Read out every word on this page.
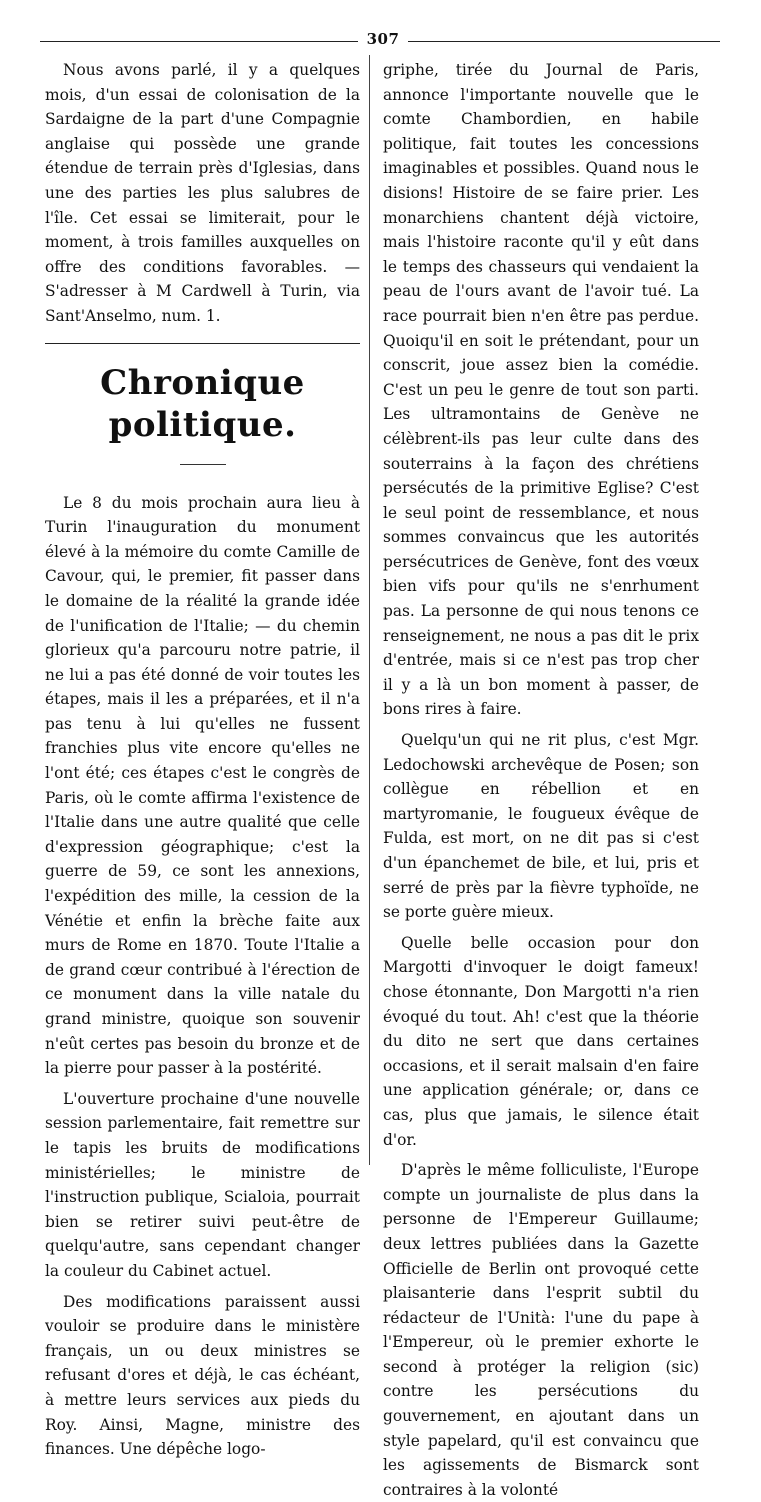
307

Nous avons parlé, il y a quelques mois, d'un essai de colonisation de la Sardaigne de la part d'une Compagnie anglaise qui possède une grande étendue de terrain près d'Iglesias, dans une des parties les plus salubres de l'île. Cet essai se limiterait, pour le moment, à trois familles auxquelles on offre des conditions favorables. — S'adresser à M Cardwell à Turin, via Sant'Anselmo, num. 1.

Chronique politique.

Le 8 du mois prochain aura lieu à Turin l'inauguration du monument élevé à la mémoire du comte Camille de Cavour, qui, le premier, fit passer dans le domaine de la réalité la grande idée de l'unification de l'Italie; — du chemin glorieux qu'a parcouru notre patrie, il ne lui a pas été donné de voir toutes les étapes, mais il les a préparées, et il n'a pas tenu à lui qu'elles ne fussent franchies plus vite encore qu'elles ne l'ont été; ces étapes c'est le congrès de Paris, où le comte affirma l'existence de l'Italie dans une autre qualité que celle d'expression géographique; c'est la guerre de 59, ce sont les annexions, l'expédition des mille, la cession de la Vénétie et enfin la brèche faite aux murs de Rome en 1870. Toute l'Italie a de grand cœur contribué à l'érection de ce monument dans la ville natale du grand ministre, quoique son souvenir n'eût certes pas besoin du bronze et de la pierre pour passer à la postérité.

L'ouverture prochaine d'une nouvelle session parlementaire, fait remettre sur le tapis les bruits de modifications ministérielles; le ministre de l'instruction publique, Scialoia, pourrait bien se retirer suivi peut-être de quelqu'autre, sans cependant changer la couleur du Cabinet actuel.

Des modifications paraissent aussi vouloir se produire dans le ministère français, un ou deux ministres se refusant d'ores et déjà, le cas échéant, à mettre leurs services aux pieds du Roy. Ainsi, Magne, ministre des finances. Une dépêche logo-

griphe, tirée du Journal de Paris, annonce l'importante nouvelle que le comte Chambordien, en habile politique, fait toutes les concessions imaginables et possibles. Quand nous le disions! Histoire de se faire prier. Les monarchiens chantent déjà victoire, mais l'histoire raconte qu'il y eût dans le temps des chasseurs qui vendaient la peau de l'ours avant de l'avoir tué. La race pourrait bien n'en être pas perdue. Quoiqu'il en soit le prétendant, pour un conscrit, joue assez bien la comédie. C'est un peu le genre de tout son parti. Les ultramontains de Genève ne célèbrent-ils pas leur culte dans des souterrains à la façon des chrétiens persécutés de la primitive Eglise? C'est le seul point de ressemblance, et nous sommes convaincus que les autorités persécutrices de Genève, font des vœux bien vifs pour qu'ils ne s'enrhument pas. La personne de qui nous tenons ce renseignement, ne nous a pas dit le prix d'entrée, mais si ce n'est pas trop cher il y a là un bon moment à passer, de bons rires à faire.

Quelqu'un qui ne rit plus, c'est Mgr. Ledochowski archevêque de Posen; son collègue en rébellion et en martyromanie, le fougueux évêque de Fulda, est mort, on ne dit pas si c'est d'un épanchemet de bile, et lui, pris et serré de près par la fièvre typhoïde, ne se porte guère mieux.

Quelle belle occasion pour don Margotti d'invoquer le doigt fameux! chose étonnante, Don Margotti n'a rien évoqué du tout. Ah! c'est que la théorie du dito ne sert que dans certaines occasions, et il serait malsain d'en faire une application générale; or, dans ce cas, plus que jamais, le silence était d'or.

D'après le même folliculiste, l'Europe compte un journaliste de plus dans la personne de l'Empereur Guillaume; deux lettres publiées dans la Gazette Officielle de Berlin ont provoqué cette plaisanterie dans l'esprit subtil du rédacteur de l'Unità: l'une du pape à l'Empereur, où le premier exhorte le second à protéger la religion (sic) contre les persécutions du gouvernement, en ajoutant dans un style papelard, qu'il est convaincu que les agissements de Bismarck sont contraires à la volonté
